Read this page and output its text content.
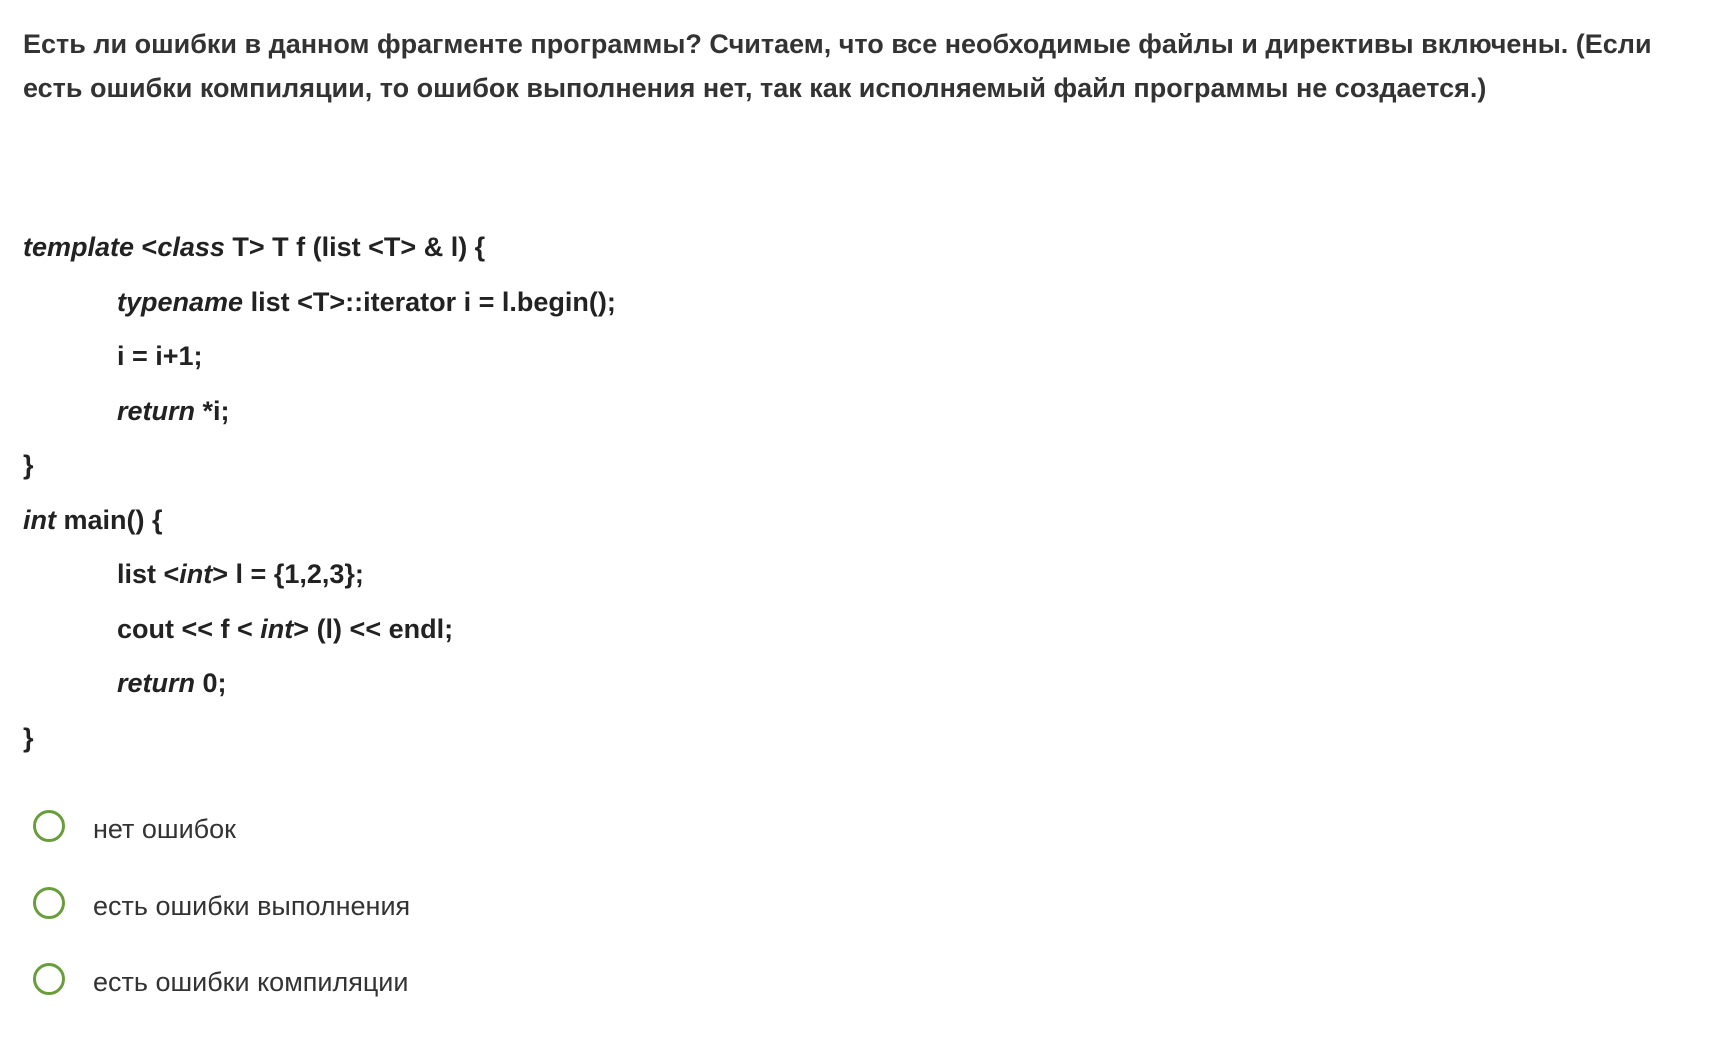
Есть ли ошибки в данном фрагменте программы? Считаем, что все необходимые файлы и директивы включены. (Если есть ошибки компиляции, то ошибок выполнения нет, так как исполняемый файл программы не создается.)
template <class T> T f (list <T> & l) {
typename list <T>::iterator i = l.begin();
i = i+1;
return *i;
}
int main() {
list <int> l = {1,2,3};
cout << f < int> (l) << endl;
return 0;
}
нет ошибок
есть ошибки выполнения
есть ошибки компиляции
